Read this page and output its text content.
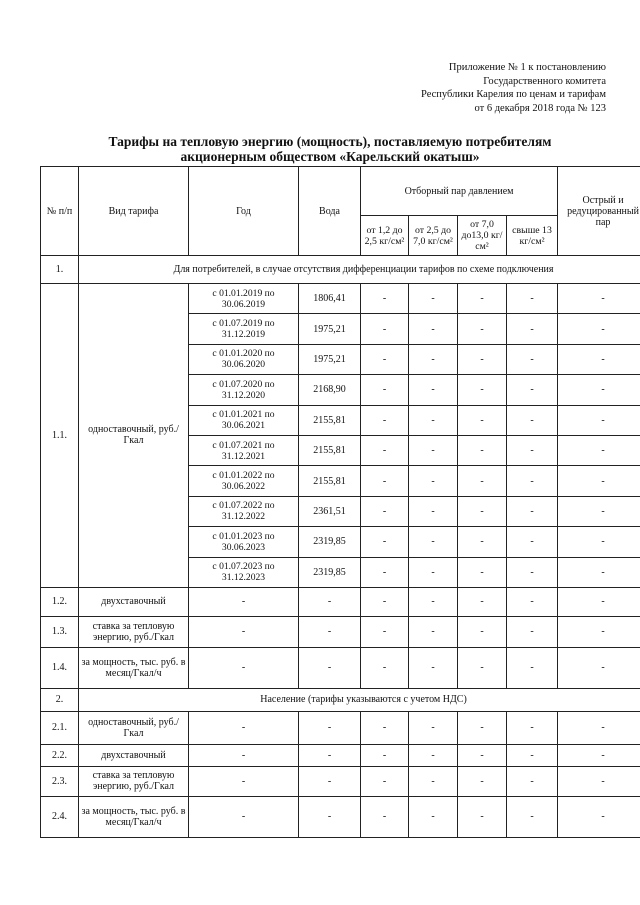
Приложение № 1 к постановлению
Государственного комитета
Республики Карелия по ценам и тарифам
от 6 декабря 2018 года № 123
Тарифы на тепловую энергию (мощность), поставляемую потребителям
акционерным обществом «Карельский окатыш»
№ п/п	Вид тарифа	Год	Вода	Отборный пар давлением				Острый и редуцированный пар
				от 1,2 до 2,5 кг/см²	от 2,5 до 7,0 кг/см²	от 7,0 до13,0 кг/см²	свыше 13 кг/см²	
1.	Для потребителей, в случае отсутствия дифференциации тарифов по схеме подключения							
1.1.	одноставочный, руб./Гкал	с 01.01.2019 по 30.06.2019	1806,41	-	-	-	-	-
		с 01.07.2019 по 31.12.2019	1975,21	-	-	-	-	-
		с 01.01.2020 по 30.06.2020	1975,21	-	-	-	-	-
		с 01.07.2020 по 31.12.2020	2168,90	-	-	-	-	-
		с 01.01.2021 по 30.06.2021	2155,81	-	-	-	-	-
		с 01.07.2021 по 31.12.2021	2155,81	-	-	-	-	-
		с 01.01.2022 по 30.06.2022	2155,81	-	-	-	-	-
		с 01.07.2022 по 31.12.2022	2361,51	-	-	-	-	-
		с 01.01.2023 по 30.06.2023	2319,85	-	-	-	-	-
		с 01.07.2023 по 31.12.2023	2319,85	-	-	-	-	-
1.2.	двухставочный	-	-	-	-	-	-	-
1.3.	ставка за тепловую энергию, руб./Гкал	-	-	-	-	-	-	-
1.4.	за мощность, тыс. руб. в месяц/Гкал/ч	-	-	-	-	-	-	-
2.	Население (тарифы указываются с учетом НДС)							
2.1.	одноставочный, руб./Гкал	-	-	-	-	-	-	-
2.2.	двухставочный	-	-	-	-	-	-	-
2.3.	ставка за тепловую энергию, руб./Гкал	-	-	-	-	-	-	-
2.4.	за мощность, тыс. руб. в месяц/Гкал/ч	-	-	-	-	-	-	-
